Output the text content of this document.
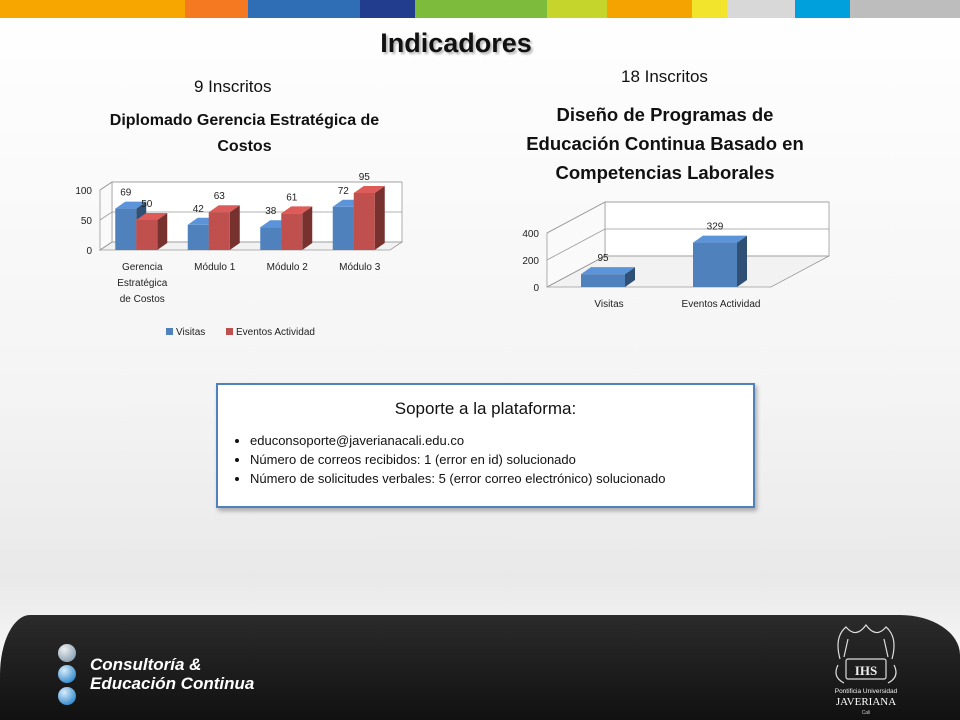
Indicadores
9 Inscritos
18 Inscritos
Diplomado Gerencia Estratégica de Costos
Diseño de Programas de
Educación Continua Basado en
Competencias Laborales
0
50
100	69
50
Gerencia
Estratégica
de Costos
42
63
Módulo 1
38
61
Módulo 2
72
95
Módulo 3
0
200
400
95
Visitas
329
Eventos Actividad
Visitas	Eventos Actividad
Soporte a la plataforma:
• educonsoporte@javerianacali.edu.co
• Número de correos recibidos: 1 (error en id) solucionado
• Número de solicitudes verbales: 5 (error correo electrónico) solucionado
Consultoría &
Educación Continua
IHS
Pontificia Universidad
JAVERIANA
Cali
